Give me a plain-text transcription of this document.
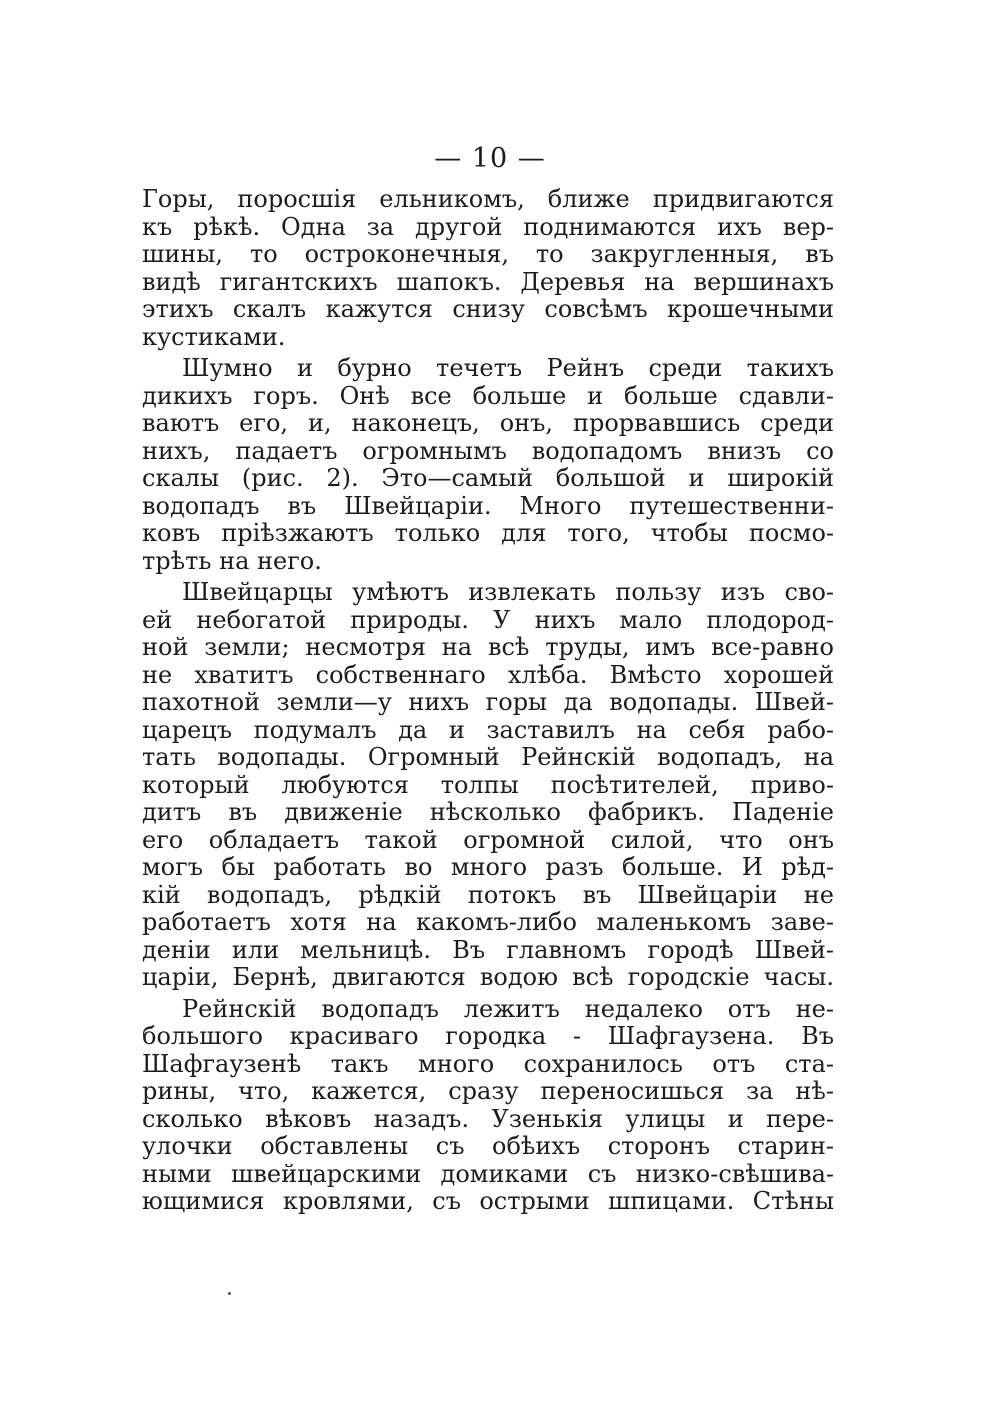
— 10 —
Горы, поросшія ельникомъ, ближе придвигаются
къ рѣкѣ. Одна за другой поднимаются ихъ вер-
шины, то остроконечныя, то закругленныя, въ
видѣ гигантскихъ шапокъ. Деревья на вершинахъ
этихъ скалъ кажутся снизу совсѣмъ крошечными
кустиками.
Шумно и бурно течетъ Рейнъ среди такихъ
дикихъ горъ. Онѣ все больше и больше сдавли-
ваютъ его, и, наконецъ, онъ, прорвавшись среди
нихъ, падаетъ огромнымъ водопадомъ внизъ со
скалы (рис. 2). Это—самый большой и широкій
водопадъ въ Швейцаріи. Много путешественни-
ковъ пріѣзжаютъ только для того, чтобы посмо-
трѣть на него.
Швейцарцы умѣютъ извлекать пользу изъ сво-
ей небогатой природы. У нихъ мало плодород-
ной земли; несмотря на всѣ труды, имъ все-равно
не хватитъ собственнаго хлѣба. Вмѣсто хорошей
пахотной земли—у нихъ горы да водопады. Швей-
царецъ подумалъ да и заставилъ на себя рабо-
тать водопады. Огромный Рейнскій водопадъ, на
который любуются толпы посѣтителей, приво-
дитъ въ движеніе нѣсколько фабрикъ. Паденіе
его обладаетъ такой огромной силой, что онъ
могъ бы работать во много разъ больше. И рѣд-
кій водопадъ, рѣдкій потокъ въ Швейцаріи не
работаетъ хотя на какомъ-либо маленькомъ заве-
деніи или мельницѣ. Въ главномъ городѣ Швей-
царіи, Бернѣ, двигаются водою всѣ городскіе часы.
Рейнскій водопадъ лежитъ недалеко отъ не-
большого красиваго городка - Шафгаузена. Въ
Шафгаузенѣ такъ много сохранилось отъ ста-
рины, что, кажется, сразу переносишься за нѣ-
сколько вѣковъ назадъ. Узенькія улицы и пере-
улочки обставлены съ обѣихъ сторонъ старин-
ными швейцарскими домиками съ низко-свѣшива-
ющимися кровлями, съ острыми шпицами. Стѣны
